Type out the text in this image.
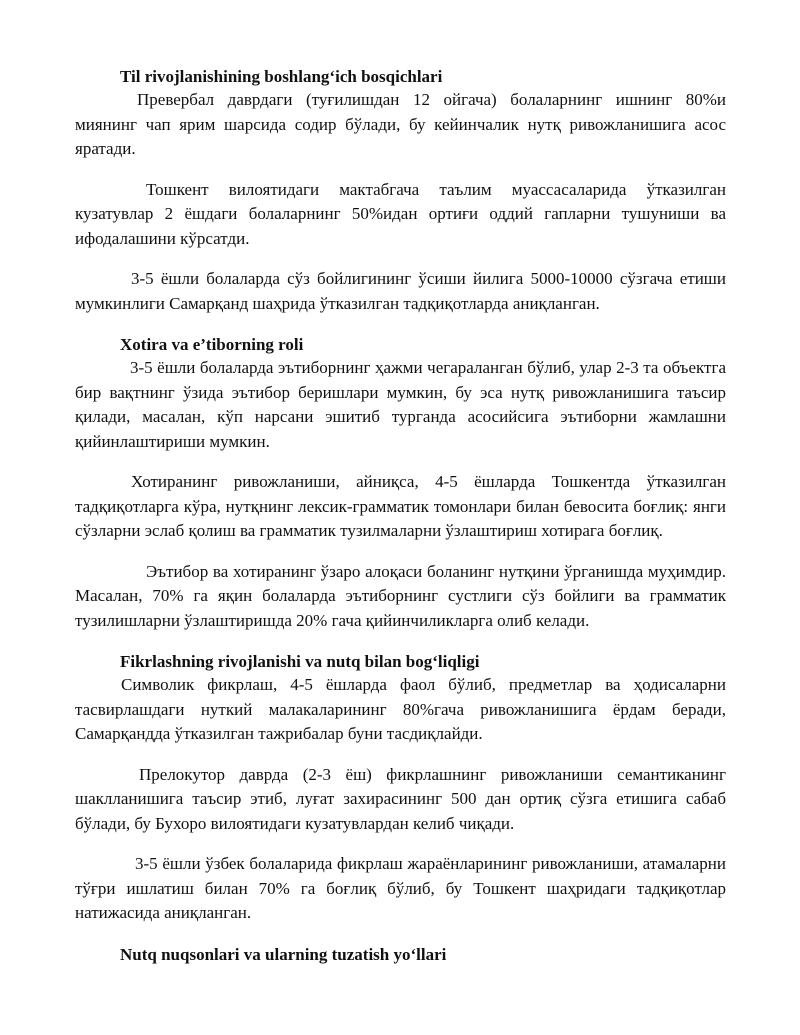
Til rivojlanishining boshlang‘ich bosqichlari

Превербал даврдаги (туғилишдан 12 ойгача) болаларнинг ишнинг 80%и миянинг чап ярим шарсида содир бўлади, бу кейинчалик нутқ ривожланишига асос яратади.

Тошкент вилоятидаги мактабгача таълим муассасаларида ўтказилган кузатувлар 2 ёшдаги болаларнинг 50%идан ортиғи оддий гапларни тушуниши ва ифодалашини кўрсатди.

3-5 ёшли болаларда сўз бойлигининг ўсиши йилига 5000-10000 сўзгача етиши мумкинлиги Самарқанд шаҳрида ўтказилган тадқиқотларда аниқланган.

Xotira va e’tiborning roli

3-5 ёшли болаларда эътиборнинг ҳажми чегараланган бўлиб, улар 2-3 та объектга бир вақтнинг ўзида эътибор беришлари мумкин, бу эса нутқ ривожланишига таъсир қилади, масалан, кўп нарсани эшитиб турганда асосийсига эътиборни жамлашни қийинлаштириши мумкин.

Хотиранинг ривожланиши, айниқса, 4-5 ёшларда Тошкентда ўтказилган тадқиқотларга кўра, нутқнинг лексик-грамматик томонлари билан бевосита боғлиқ: янги сўзларни эслаб қолиш ва грамматик тузилмаларни ўзлаштириш хотирага боғлиқ.

Эътибор ва хотиранинг ўзаро алоқаси боланинг нутқини ўрганишда муҳимдир. Масалан, 70% га яқин болаларда эътиборнинг сустлиги сўз бойлиги ва грамматик тузилишларни ўзлаштиришда 20% гача қийинчиликларга олиб келади.

Fikrlashning rivojlanishi va nutq bilan bog‘liqligi

Символик фикрлаш, 4-5 ёшларда фаол бўлиб, предметлар ва ҳодисаларни тасвирлашдаги нуткий малакаларининг 80%гача ривожланишига ёрдам беради, Самарқандда ўтказилган тажрибалар буни тасдиқлайди.

Прелокутор даврда (2-3 ёш) фикрлашнинг ривожланиши семантиканинг шаклланишига таъсир этиб, луғат захирасининг 500 дан ортиқ сўзга етишига сабаб бўлади, бу Бухоро вилоятидаги кузатувлардан келиб чиқади.

3-5 ёшли ўзбек болаларида фикрлаш жараёнларининг ривожланиши, атамаларни тўғри ишлатиш билан 70% га боғлиқ бўлиб, бу Тошкент шаҳридаги тадқиқотлар натижасида аниқланган.

Nutq nuqsonlari va ularning tuzatish yo‘llari
